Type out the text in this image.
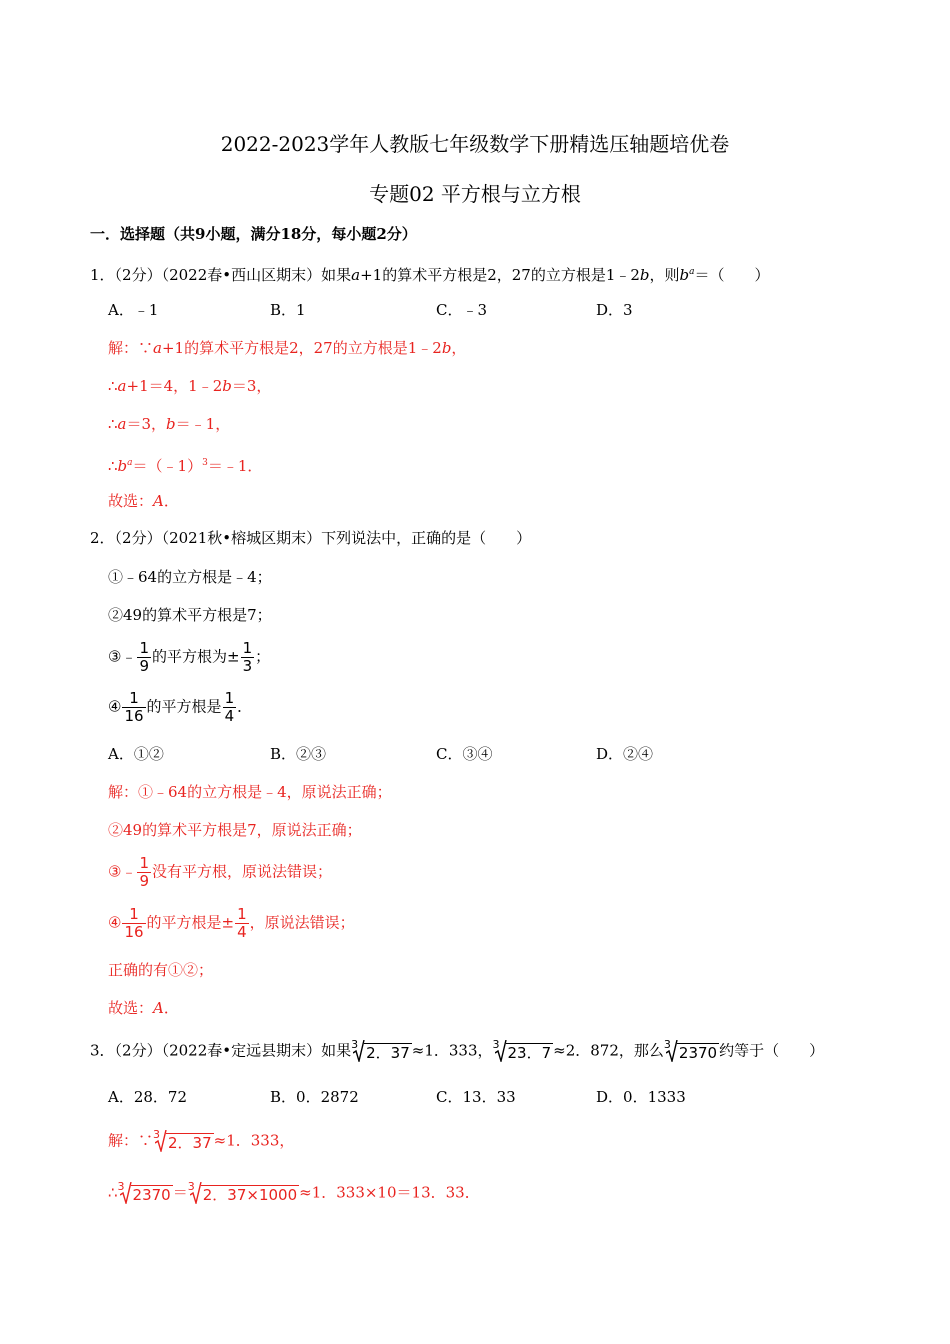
2022-2023学年人教版七年级数学下册精选压轴题培优卷
专题02 平方根与立方根
一．选择题（共9小题，满分18分，每小题2分）
1．（2分）（2022春•西山区期末）如果a+1的算术平方根是2，27的立方根是1﹣2b，则$b^a=$（　　）
A．﹣1	B．1	C．﹣3	D．3
解：∵a+1的算术平方根是2，27的立方根是1﹣2b，
∴a+1＝4，1﹣2b＝3，
∴a＝3，b＝﹣1，
$\therefore b^a=(﹣1)^3=﹣1$．
故选：A．
2．（2分）（2021秋•榕城区期末）下列说法中，正确的是（　　）
①﹣64的立方根是﹣4；
②49的算术平方根是7；
③﹣ $\frac{1}{9}$ 的平方根为± $\frac{1}{3}$ ；
④ $\frac{1}{16}$ 的平方根是 $\frac{1}{4}$ ．
A．①②	B．②③	C．③④	D．②④
解：①﹣64的立方根是﹣4，原说法正确；
②49的算术平方根是7，原说法正确；
③﹣ $\frac{1}{9}$ 没有平方根，原说法错误；
④ $\frac{1}{16}$ 的平方根是± $\frac{1}{4}$ ，原说法错误；
正确的有①②；
故选：A．
3．（2分）（2022春•定远县期末）如果 3 2．37 ≈1．333， 3 23．7 ≈2．872，那么 3 2370 约等于（　　）
A．28．72	B．0．2872	C．13．33	D．0．1333
解：∵ 3 2．37 ≈1．333，
∴ 3 2370 ＝ 3 2．37×1000 ≈1．333×10＝13．33．
